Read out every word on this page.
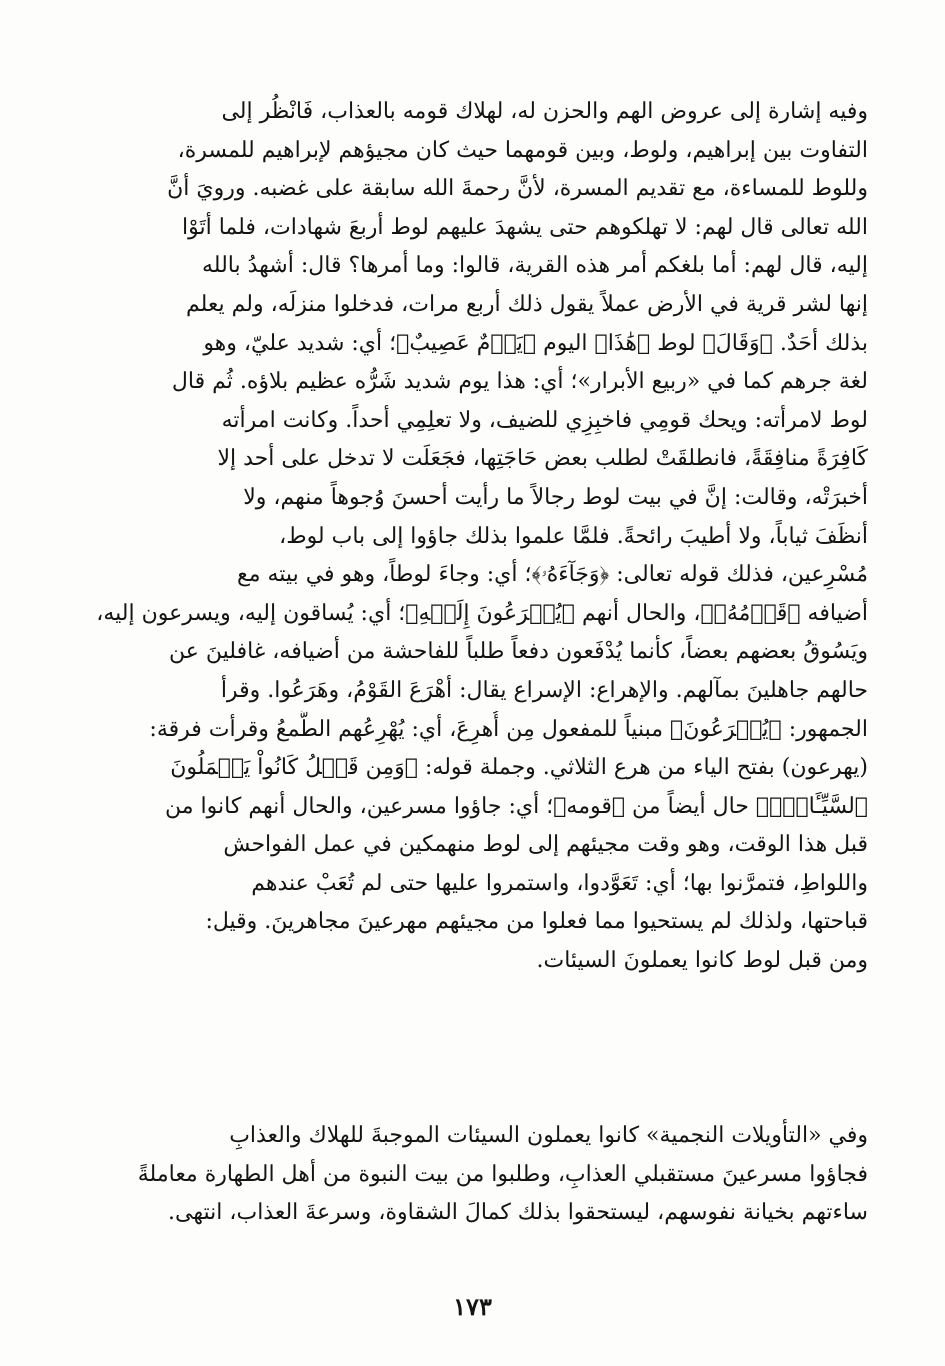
وفيه إشارة إلى عروض الهم والحزن له، لهلاك قومه بالعذاب، فَانْظُر إلى
التفاوت بين إبراهيم، ولوط، وبين قومهما حيث كان مجيؤهم لإبراهيم للمسرة،
وللوط للمساءة، مع تقديم المسرة، لأنَّ رحمةَ الله سابقة على غضبه. ورويَ أنَّ
الله تعالى قال لهم: لا تهلكوهم حتى يشهدَ عليهم لوط أربعَ شهادات، فلما أتَوْا
إليه، قال لهم: أما بلغكم أمر هذه القرية، قالوا: وما أمرها؟ قال: أشهدُ بالله
إنها لشر قرية في الأرض عملاً يقول ذلك أربع مرات، فدخلوا منزلَه، ولم يعلم
بذلك أحَدٌ. ﴿وَقَالَ﴾ لوط ﴿هَٰذَا﴾ اليوم ﴿يَوۡمٌ عَصِيبٌ﴾؛ أي: شديد عليّ، وهو
لغة جرهم كما في «ربيع الأبرار»؛ أي: هذا يوم شديد شَرُّه عظيم بلاؤه. ثُم قال
لوط لامرأته: ويحك قومِي فاخبِزِي للضيف، ولا تعلِمِي أحداً. وكانت امرأته
كَافِرَةً منافِقَةً، فانطلقَتْ لطلب بعض حَاجَتِها، فجَعَلَت لا تدخل على أحد إلا
أخبرَتْه، وقالت: إنَّ في بيت لوط رجالاً ما رأيت أحسنَ وُجوهاً منهم، ولا
أنظَفَ ثياباً، ولا أطيبَ رائحةً. فلمَّا علموا بذلك جاؤوا إلى باب لوط،
مُسْرِعين، فذلك قوله تعالى: ﴿وَجَآءَهُۥ﴾؛ أي: وجاءَ لوطاً، وهو في بيته مع
أضيافه ﴿قَوۡمُهُۥ﴾، والحال أنهم ﴿يُهۡرَعُونَ إِلَيۡهِ﴾؛ أي: يُساقون إليه، ويسرعون إليه،
ويَسُوقُ بعضهم بعضاً، كأنما يُدْفَعون دفعاً طلباً للفاحشة من أضيافه، غافلينَ عن
حالهم جاهلينَ بمآلهم. والإهراع: الإسراع يقال: أهْرَعَ القَوْمُ، وهَرَعُوا. وقرأ
الجمهور: ﴿يُهۡرَعُونَ﴾ مبنياً للمفعول مِن أُهرِعَ، أي: يُهْرِعُهم الطَّمعُ وقرأت فرقة:
(يهرعون) بفتح الياء من هرع الثلاثي. وجملة قوله: ﴿وَمِن قَبۡلُ كَانُواْ يَعۡمَلُونَ
ٱلسَّيِّـَٔاتِۚ﴾ حال أيضاً من ﴿قومه﴾؛ أي: جاؤوا مسرعين، والحال أنهم كانوا من
قبل هذا الوقت، وهو وقت مجيئهم إلى لوط منهمكين في عمل الفواحش
واللواطِ، فتمرَّنوا بها؛ أي: تَعَوَّدوا، واستمروا عليها حتى لم تُعَبْ عندهم
قباحتها، ولذلك لم يستحيوا مما فعلوا من مجيئهم مهرعينَ مجاهرينَ. وقيل:
ومن قبل لوط كانوا يعملونَ السيئات.
وفي «التأويلات النجمية» كانوا يعملون السيئات الموجبةَ للهلاك والعذابِ
فجاؤوا مسرعينَ مستقبلي العذابِ، وطلبوا من بيت النبوة من أهل الطهارة معاملةً
ساءتهم بخيانة نفوسهم، ليستحقوا بذلك كمالَ الشقاوة، وسرعةَ العذاب، انتهى.
١٧٣
